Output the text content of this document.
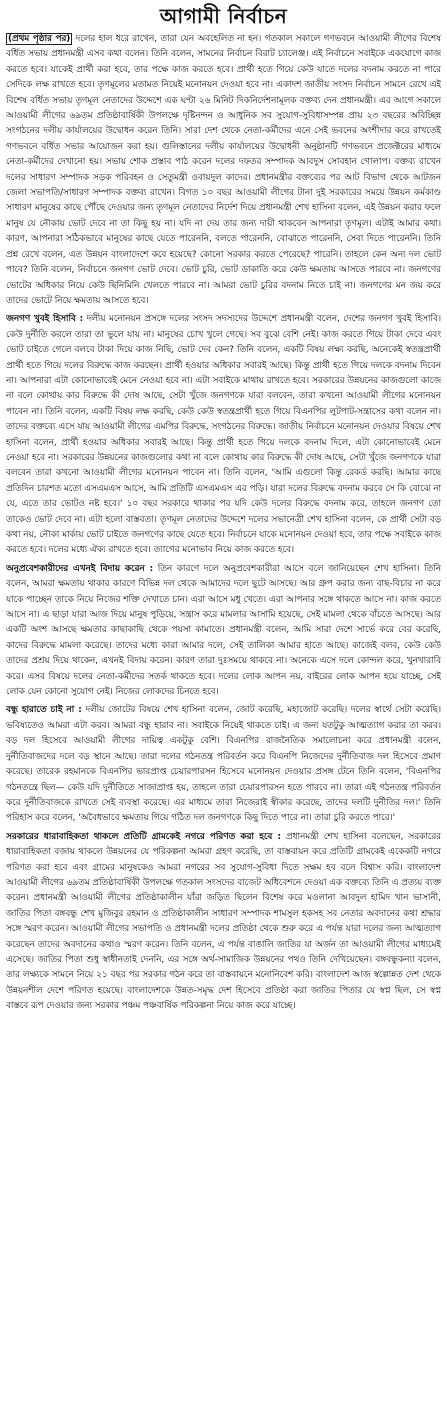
আগামী নির্বাচন

(প্রথম পৃষ্ঠার পর) দলের হাল ধরে রাখেন, তারা যেন অবহেলিত না হন। গতকাল সকালে গণভবনে আওয়ামী লীগের বিশেষ বর্ধিত সভায় প্রধানমন্ত্রী এসব কথা বলেন। তিনি বলেন, সামনের নির্বাচন বিরাট চ্যালেঞ্জ। এই নির্বাচনে সবাইকে একযোগে কাজ করতে হবে। যাকেই প্রার্থী করা হবে, তার পক্ষে কাজ করতে হবে। প্রার্থী হতে গিয়ে কেউ যাতে দলের বদনাম করতে না পারে সেদিকে লক্ষ রাখতে হবে। তৃণমূলের মতামত নিয়েই মনোনয়ন দেওয়া হবে না। একাদশ জাতীয় সংসদ নির্বাচন সামনে রেখে এই বিশেষ বর্ধিত সভায় তৃণমূল নেতাদের উদ্দেশে এক ঘণ্টা ২৬ মিনিট দিকনির্দেশনামূলক বক্তব্য দেন প্রধানমন্ত্রী। এর আগে সকালে আওয়ামী লীগের ৬৯তম প্রতিষ্ঠাবার্ষিকী উপলক্ষে দৃষ্টিনন্দন ও আধুনিক সব সুযোগ-সুবিধাসম্পন্ন প্রায় ২৩ বছরের অবিচ্ছিন্ন সংগঠনের দলীয় কার্যালয়ের উদ্বোধন করেন তিনি। সারা দেশ থেকে নেতা-কর্মীদের এনে সেই ভবনের অংশীদার করে রাখতেই গণভবনে বর্ধিত সভার আয়োজন করা হয়। গুলিস্তানের দলীয় কার্যালয়ের উদ্বোধনী অনুষ্ঠানটি গণভবনে প্রজেক্টরের মাধ্যমে নেতা-কর্মীদের দেখানো হয়। সভায় শোক প্রস্তাব পাঠ করেন দলের দফতর সম্পাদক আবদুস সোবহান গোলাপ। বক্তব্য রাখেন দলের সাধারণ সম্পাদক সড়ক পরিবহন ও সেতুমন্ত্রী ওবায়দুল কাদের। প্রধানমন্ত্রীর বক্তব্যের পর আট বিভাগ থেকে আটজন জেলা সভাপতি/সাধারণ সম্পাদক বক্তব্য রাখেন। বিগত ১০ বছর আওয়ামী লীগের টানা দুই সরকারের সময়ে উন্নয়ন কর্মকাণ্ড সাধারণ মানুষের কাছে পৌঁছে দেওয়ার জন্য তৃণমূল নেতাদের নির্দেশ দিয়ে প্রধানমন্ত্রী শেখ হাসিনা বলেন, এই উন্নয়ন করার ফলে মানুষ যে নৌকায় ভোট দেবে না তা কিছু হয় না। যদি না দেয় তার জন্য দায়ী থাকবেন আপনারা তৃণমূল। এটাই আমার কথা। কারণ, আপনারা সঠিকভাবে মানুষের কাছে যেতে পারেননি, বলতে পারেননি, বোঝাতে পারেননি, সেবা দিতে পারেননি। তিনি প্রশ্ন রেখে বলেন, এত উন্নয়ন বাংলাদেশে কবে হয়েছে? কোনো সরকার করতে পেরেছে? পারেনি। তাহলে কেন অন্য দল ভোট পাবে? তিনি বলেন, নির্বাচনে জনগণ ভোট দেবে। ভোট চুরি, ভোট ডাকাতি করে কেউ ক্ষমতায় আসতে পারবে না। জনগণের ভোটের অধিকার নিয়ে কেউ ছিনিমিনি খেলতে পারবে না। আমরা ভোট চুরির বদনাম নিতে চাই না। জনগণের মন জয় করে তাদের ভোটে নিয়ে ক্ষমতায় আসতে হবে।

জনগণ খুবই হিসাবি : দলীয় মনোনয়ন প্রসঙ্গে দলের সংসদ সদস্যদের উদ্দেশে প্রধানমন্ত্রী বলেন, দেশের জনগণ খুবই হিসাবি। কেউ দুর্নীতি করলে তারা তা ভুলে যায় না। মানুষের চোখ খুলে গেছে। সব বুঝে বেশি নেই। কাজ করতে গিয়ে টাকা দেবে এবং ভোট চাইতে গেলে বলবে টাকা দিয়ে কাজ নিছি, ভোট দেব কেন? তিনি বলেন, একটি বিষয় লক্ষ্য করছি, অনেকেই স্বতন্ত্রপ্রার্থী প্রার্থী হতে গিয়ে দলের বিরুদ্ধে কাজ করছেন। প্রার্থী হওয়ার অধিকার সবারই আছে। কিন্তু প্রার্থী হতে গিয়ে দলকে বদনাম দিবেন না। আপনারা এটা কোনোভাবেই মেনে নেওয়া হবে না। এটা সবাইকে মাথায় রাখতে হবে। সরকারের উন্নয়নের কাজগুলো কাজে না বলে কোথায় কার বিরুদ্ধে কী দোষ আছে, সেটা খুঁজে জনগণকে যারা বলবেন, তারা কখনো আওয়ামী লীগের মনোনয়ন পাবেন না। তিনি বলেন, একটি বিষয় লক্ষ করছি, কেউ কেউ স্বতন্ত্রপ্রার্থী হতে গিয়ে বিএনপির লুটপাট-সন্ত্রাসের কথা বলেন না। তাদের বক্তব্যে এসে যায় আওয়ামী লীগের এমপির বিরুদ্ধে, সংগঠনের বিরুদ্ধে। জাতীয় নির্বাচনে মনোনয়ন দেওয়ার বিষয়ে শেখ হাসিনা বলেন, প্রার্থী হওয়ার অধিকার সবারই আছে। কিন্তু প্রার্থী হতে গিয়ে দলকে বদনাম দিলে, এটা কোনোভাবেই মেনে নেওয়া হবে না। সরকারের উন্নয়নের কাজগুলোর কথা না বলে কোথায় কার বিরুদ্ধে কী দোষ আছে, সেটা খুঁজে জনগণকে যারা বলবেন তারা কখনো আওয়ামী লীগের মনোনয়ন পাবেন না। তিনি বলেন, 'আমি এগুলো কিন্তু রেকর্ড করছি। আমার কাছে প্রতিদিন চারশত মতো এসএমএস আসে, আমি প্রতিটি এসএমএস এর পড়ি। যারা দলের বিরুদ্ধে বদনাম করবে সে কি বোঝে না যে, এতে তার ভোটও নষ্ট হবে।' ১০ বছর সরকারে থাকার পর যদি কেউ দলের বিরুদ্ধে বদনাম করে, তাহলে জনগণ তো তাকেও ভোট দেবে না। এটা হলো বাস্তবতা। তৃণমূল নেতাদের উদ্দেশে দলের সভানেত্রী শেখ হাসিনা বলেন, কে প্রার্থী সেটা বড় কথা নয়, নৌকা মার্কায় ভোট চাইতে জনগণের কাছে যেতে হবে। নির্বাচনে যাকে মনোনয়ন দেওয়া হবে, তার পক্ষে সবাইকে কাজ করতে হবে। দলের মধ্যে ঐক্য রাখতে হবে। ত্যাগের মনোভাব নিয়ে কাজ করতে হবে।

অনুপ্রবেশকারীদের এখনই বিদায় করেন : তিন কারণে দলে অনুপ্রবেশকারীরা আসে বলে জানিয়েছেন শেখ হাসিনা। তিনি বলেন, আমরা ক্ষমতায় থাকার কারণে বিভিন্ন দল থেকে আমাদের দলে ছুটে আসছে। আর গ্রুপ করার জন্য বাছ-বিচার না করে যাকে পাচ্ছেন তাকে নিয়ে নিজের শক্তি দেখাতে চান। এরা আসে মধু খেতে। এরা আপনার সঙ্গে থাকতে আসে না। কাজ করতে আসে না। এ ছাড়া যারা আজ দিয়ে মানুষ পুড়িয়ে, সন্ত্রাস করে মামলার আসামি হয়েছে, সেই মামলা থেকে বাঁচতে আসছে। আর একটি অংশ আসছে ক্ষমতার কাছাকাছি থেকে পয়সা কামাতে। প্রধানমন্ত্রী বলেন, আমি সারা দেশে সার্ভে করে বের করেছি, কাদের বিরুদ্ধে মামলা করেছে। তাদের মধ্যে কারা আমার দলে, সেই তালিকা আমার হাতে আছে। কাজেই বলব, কেউ কেউ তাদের প্রশ্রয় দিয়ে থাকেন, এখনই বিদায় করেন। কারণ তারা দুঃসময়ে থাকবে না। অনেকে এসে দলে কোন্দল করে, খুনখারাবি করে। এসব বিষয়ে দলের নেতা-কর্মীদের সতর্ক থাকতে হবে। দলের লোক আপন নয়, বাইরের লোক আপন হয়ে যাচ্ছে, সেই লোক যেন কোনো সুযোগ নেই। নিজের লোকদের চিনতে হবে।

বন্ধু হারাতে চাই না : দলীয় জোটের বিষয়ে শেখ হাসিনা বলেন, জোট করেছি, মহাজোট করেছি। দলের স্বার্থে সেটা করেছি। ভবিষ্যতেও আমরা এটা করব। আমরা বন্ধু হারাব না। সবাইকে নিয়েই থাকতে চাই। এ জন্য যতটুকু আত্মত্যাগ করার তা করব। বড় দল হিসেবে আওয়ামী লীগের দায়িত্ব একটুকু বেশি। বিএনপির রাজনৈতিক সমালোচনা করে প্রধানমন্ত্রী বলেন, দুর্নীতিবাজদের দলে বড় স্থানে আছে। তারা দলের গঠনতন্ত্র পরিবর্তন করে বিএনপি নিজেদের দুর্নীতিবাজ দল হিসেবে প্রমাণ করেছে। তারেক রহমানকে বিএনপির ভারপ্রাপ্ত চেয়ারপারসন হিসেবে মনোনয়ন দেওয়ার প্রসঙ্গ টেনে তিনি বলেন, 'বিএনপির গঠনতন্ত্রে ছিল— কেউ যদি দুর্নীতিতে সাজাপ্রাপ্ত হয়, তাহলে তারা চেয়ারপারসন হতে পারবে না। তারা এই গঠনতন্ত্র পরিবর্তন করে দুর্নীতিবাজকে রাখতে সেই ব্যবস্থা করেছে। এর মাধ্যমে তারা নিজেরাই স্বীকার করেছে, তাদের দলটি দুর্নীতির দল।' তিনি পরিহাস করে বলেন, 'অবৈধভাবে ক্ষমতায় গিয়ে গঠিত দল জনগণকে কিছু দিতে পারে না। তারা চুরি করতে পারে।'

সরকারের ধারাবাহিকতা থাকলে প্রতিটি গ্রামকেই নগরে পরিণত করা হবে : প্রধানমন্ত্রী শেখ হাসিনা বলেছেন, সরকারের ধারাবাহিকতা বজায় থাকলে উন্নয়নের যে পরিকল্পনা আমরা গ্রহণ করেছি, তা বাস্তবায়ন করে প্রতিটি গ্রামকেই একেকটি নগরে পরিণত করা হবে এবং গ্রামের মানুষকেও আমরা নগরের সব সুযোগ-সুবিধা দিতে সক্ষম হব বলে বিশ্বাস করি। বাংলাদেশ আওয়ামী লীগের ৬৯তম প্রতিষ্ঠাবার্ষিকী উপলক্ষে গতকাল সংসদের বাজেট অধিবেশনে দেওয়া এক বক্তব্যে তিনি এ প্রত্যয় ব্যক্ত করেন। প্রধানমন্ত্রী আওয়ামী লীগের প্রতিষ্ঠাকালীন যাঁরা জড়িত ছিলেন বিশেষ করে মওলানা আবদুল হামিদ খান ভাসানী, জাতির পিতা বঙ্গবন্ধু শেখ মুজিবুর রহমান ও প্রতিষ্ঠাকালীন সাধারণ সম্পাদক শামসুল হকসহ সব নেতার অবদানের কথা শ্রদ্ধার সঙ্গে স্মরণ করেন। আওয়ামী লীগের সভাপতি ও প্রধানমন্ত্রী দলের প্রতিষ্ঠা থেকে শুরু করে এ পর্যন্ত যারা দলের জন্য আত্মত্যাগ করেছেন তাদের অবদানের কথাও স্মরণ করেন। তিনি বলেন, এ পর্যন্ত বাঙালি জাতির যা অর্জন তা আওয়ামী লীগের মাধ্যমেই এসেছে। জাতির পিতা শুধু স্বাধীনতাই দেননি, এর সঙ্গে অর্থ-সামাজিক উন্নয়নের পথও তিনি দেখিয়েছেন। বঙ্গবন্ধুকন্যা বলেন, তার লক্ষ্যকে সামনে নিয়ে ২১ বছর পর সরকার গঠন করে তা বাস্তবায়নে মনোনিবেশ করি। বাংলাদেশ আজ স্বল্পোন্নত দেশ থেকে উন্নয়নশীল দেশে পরিণত হয়েছে। বাংলাদেশকে উন্নত-সমৃদ্ধ দেশ হিসেবে প্রতিষ্ঠা করা জাতির পিতার যে স্বপ্ন ছিল, সে স্বপ্ন বাস্তবে রূপ দেওয়ার জন্য সরকার পঞ্চম পঞ্চবার্ষিক পরিকল্পনা নিয়ে কাজ করে যাচ্ছে।
